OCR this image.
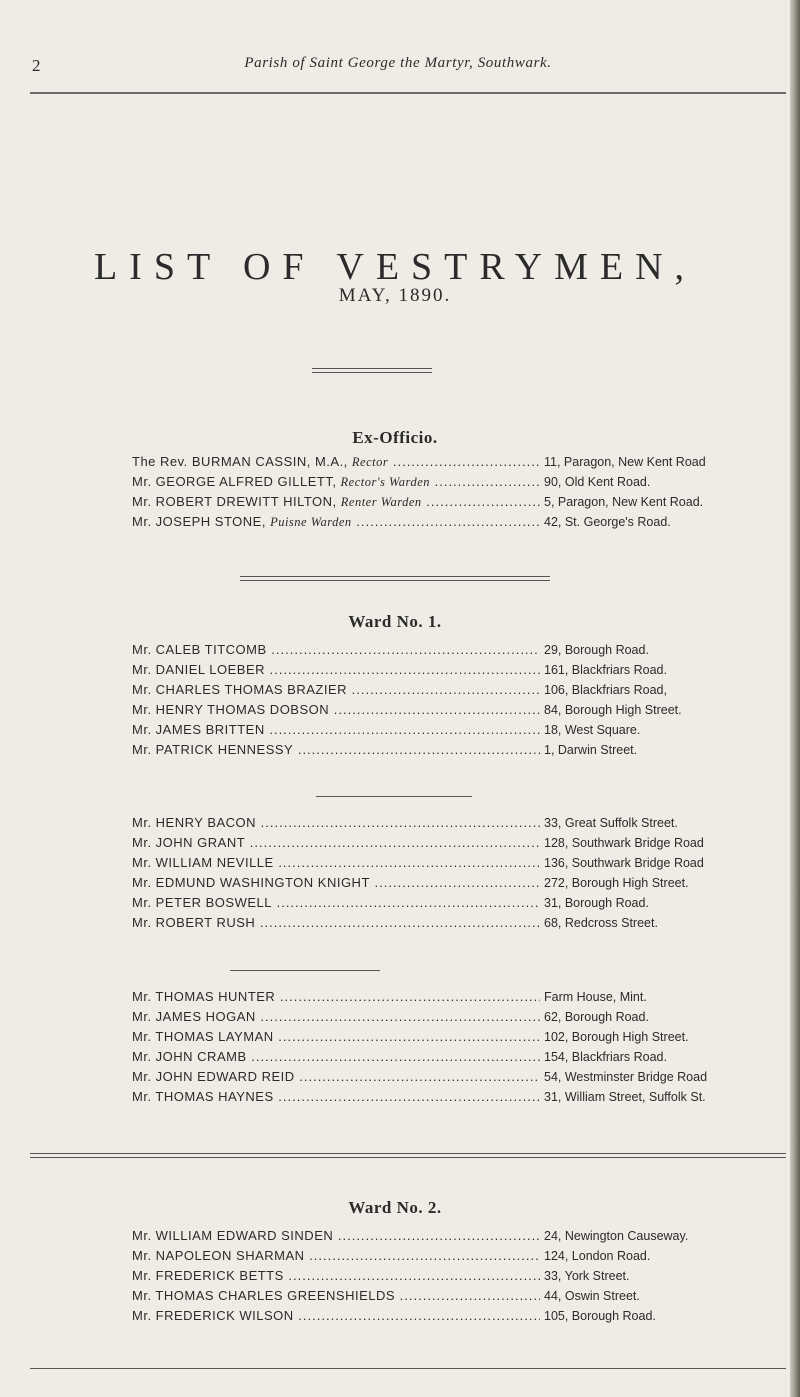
2	Parish of Saint George the Martyr, Southwark.
LIST OF VESTRYMEN,
MAY, 1890.
Ex-Officio.
The Rev. BURMAN CASSIN, M.A., Rector .....	11, Paragon, New Kent Road
Mr. GEORGE ALFRED GILLETT, Rector's Warden .....	90, Old Kent Road.
Mr. ROBERT DREWITT HILTON, Renter Warden .....	5, Paragon, New Kent Road.
Mr. JOSEPH STONE, Puisne Warden .....	42, St. George's Road.
Ward No. 1.
Mr. CALEB TITCOMB .....	29, Borough Road.
Mr. DANIEL LOEBER .....	161, Blackfriars Road.
Mr. CHARLES THOMAS BRAZIER .....	106, Blackfriars Road,
Mr. HENRY THOMAS DOBSON .....	84, Borough High Street.
Mr. JAMES BRITTEN .....	18, West Square.
Mr. PATRICK HENNESSY .....	1, Darwin Street.
Mr. HENRY BACON .....	33, Great Suffolk Street.
Mr. JOHN GRANT .....	128, Southwark Bridge Road
Mr. WILLIAM NEVILLE .....	136, Southwark Bridge Road
Mr. EDMUND WASHINGTON KNIGHT .....	272, Borough High Street.
Mr. PETER BOSWELL .....	31, Borough Road.
Mr. ROBERT RUSH .....	68, Redcross Street.
Mr. THOMAS HUNTER .....	Farm House, Mint.
Mr. JAMES HOGAN .....	62, Borough Road.
Mr. THOMAS LAYMAN .....	102, Borough High Street.
Mr. JOHN CRAMB .....	154, Blackfriars Road.
Mr. JOHN EDWARD REID .....	54, Westminster Bridge Road
Mr. THOMAS HAYNES .....	31, William Street, Suffolk St.
Ward No. 2.
Mr. WILLIAM EDWARD SINDEN .....	24, Newington Causeway.
Mr. NAPOLEON SHARMAN .....	124, London Road.
Mr. FREDERICK BETTS .....	33, York Street.
Mr. THOMAS CHARLES GREENSHIELDS .....	44, Oswin Street.
Mr. FREDERICK WILSON .....	105, Borough Road.
